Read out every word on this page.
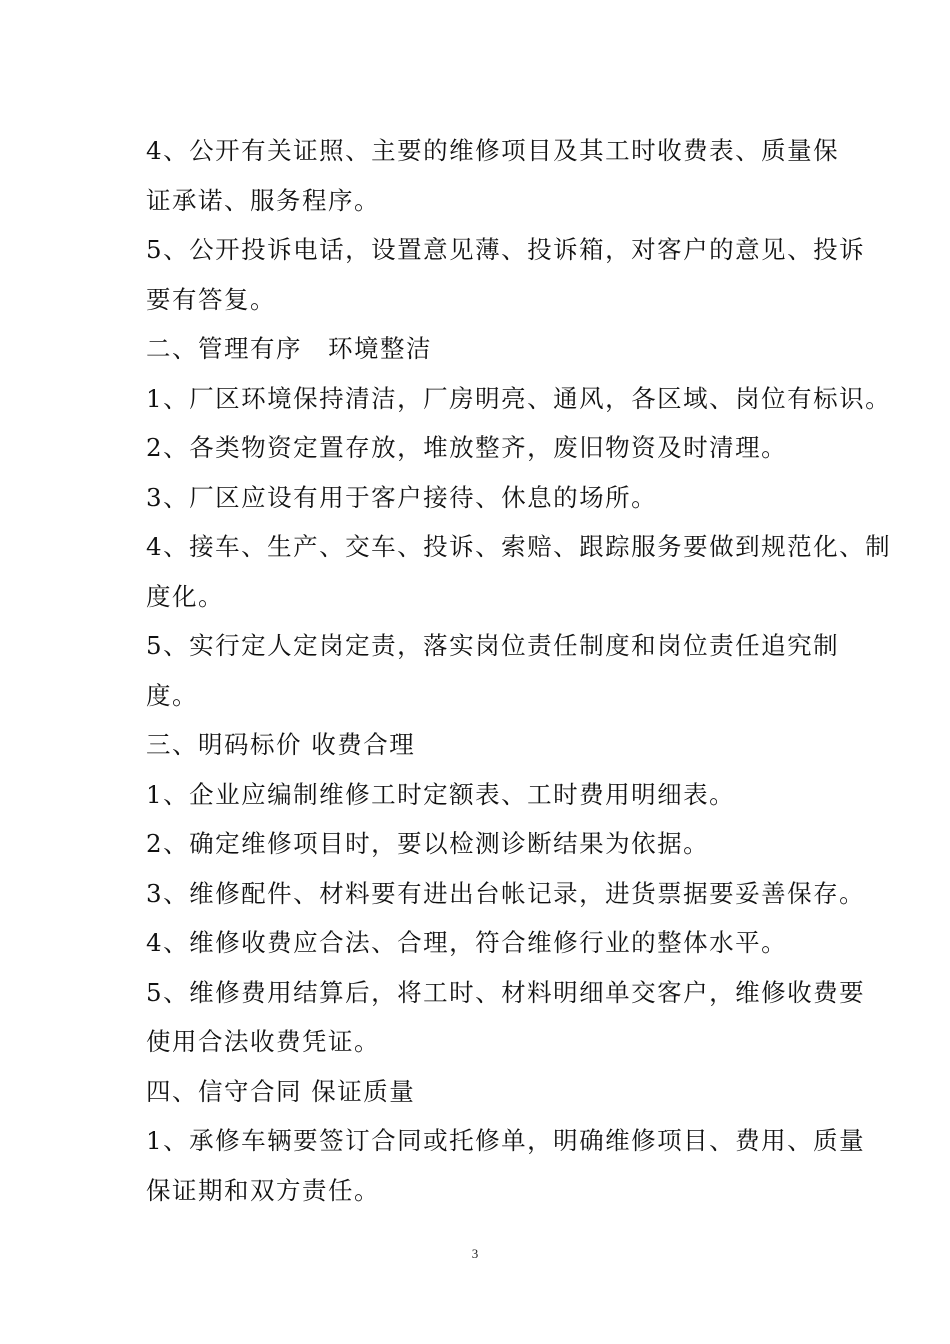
4、公开有关证照、主要的维修项目及其工时收费表、质量保
证承诺、服务程序。
5、公开投诉电话，设置意见薄、投诉箱，对客户的意见、投诉
要有答复。
二、管理有序　环境整洁
1、厂区环境保持清洁，厂房明亮、通风，各区域、岗位有标识。
2、各类物资定置存放，堆放整齐，废旧物资及时清理。
3、厂区应设有用于客户接待、休息的场所。
4、接车、生产、交车、投诉、索赔、跟踪服务要做到规范化、制
度化。
5、实行定人定岗定责，落实岗位责任制度和岗位责任追究制
度。
三、明码标价 收费合理
1、企业应编制维修工时定额表、工时费用明细表。
2、确定维修项目时，要以检测诊断结果为依据。
3、维修配件、材料要有进出台帐记录，进货票据要妥善保存。
4、维修收费应合法、合理，符合维修行业的整体水平。
5、维修费用结算后，将工时、材料明细单交客户，维修收费要
使用合法收费凭证。
四、信守合同 保证质量
1、承修车辆要签订合同或托修单，明确维修项目、费用、质量
保证期和双方责任。
3
